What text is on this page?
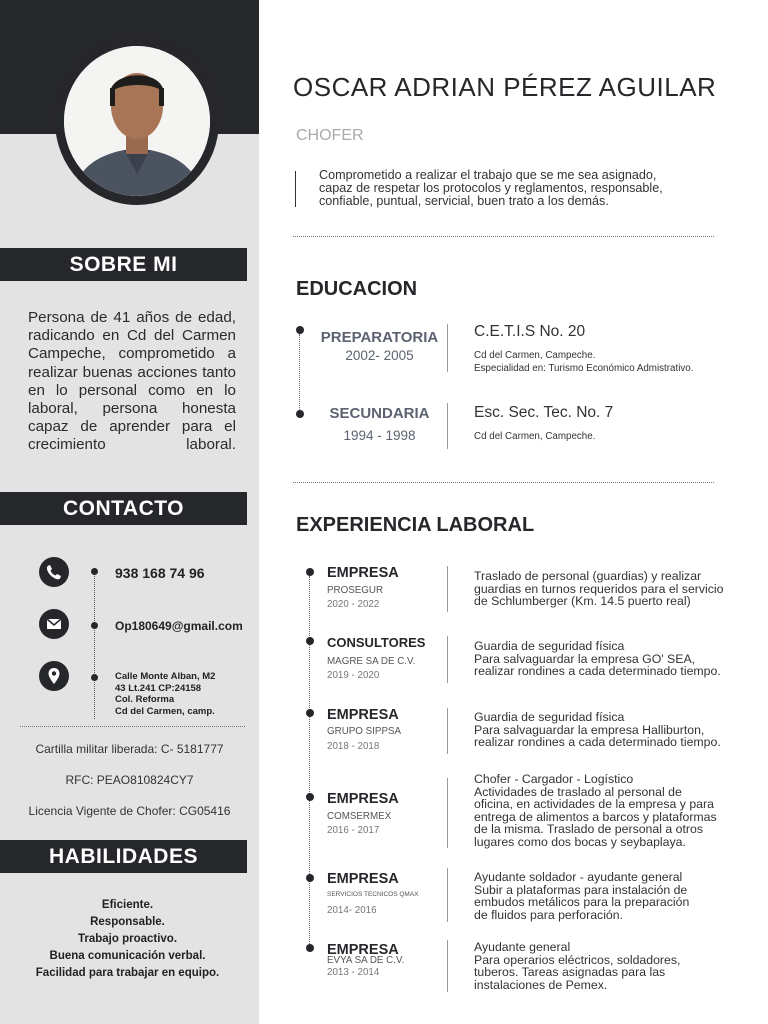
SOBRE MI
Persona de 41 años de edad, radicando en Cd del Carmen Campeche, comprometido a realizar buenas acciones tanto en lo personal como en lo laboral, persona honesta capaz de aprender para el crecimiento laboral.
CONTACTO
938 168 74 96
Op180649@gmail.com
Calle Monte Alban, M2
43 Lt.241 CP:24158
Col. Reforma
Cd del Carmen, camp.
Cartilla militar liberada: C- 5181777
RFC: PEAO810824CY7
Licencia Vigente de Chofer: CG05416
HABILIDADES
Eficiente.
Responsable.
Trabajo proactivo.
Buena comunicación verbal.
Facilidad para trabajar en equipo.
OSCAR ADRIAN PÉREZ AGUILAR
CHOFER
Comprometido a realizar el trabajo que se me sea asignado,
capaz de respetar los protocolos y reglamentos, responsable,
confiable, puntual, servicial, buen trato a los demás.
EDUCACION
PREPARATORIA
2002- 2005
C.E.T.I.S No. 20
Cd del Carmen, Campeche.
Especialidad en: Turismo Económico Admistrativo.
SECUNDARIA
1994 - 1998
Esc. Sec. Tec. No. 7
Cd del Carmen, Campeche.
EXPERIENCIA LABORAL
EMPRESA
PROSEGUR
2020 - 2022
Traslado de personal (guardias) y realizar
guardias en turnos requeridos para el servicio
de Schlumberger (Km. 14.5 puerto real)
CONSULTORES
MAGRE SA DE C.V.
2019 - 2020
Guardia de seguridad física
Para salvaguardar la empresa GO' SEA,
realizar rondines a cada determinado tiempo.
EMPRESA
GRUPO SIPPSA
2018 - 2018
Guardia de seguridad física
Para salvaguardar la empresa Halliburton,
realizar rondines a cada determinado tiempo.
EMPRESA
COMSERMEX
2016 - 2017
Chofer - Cargador - Logístico
Actividades de traslado al personal de
oficina, en actividades de la empresa y para
entrega de alimentos a barcos y plataformas
de la misma. Traslado de personal a otros
lugares como dos bocas y seybaplaya.
EMPRESA
SERVICIOS TECNICOS QMAX
2014- 2016
Ayudante soldador - ayudante general
Subir a plataformas para instalación de
embudos metálicos para la preparación
de fluidos para perforación.
EMPRESA
EVYA SA DE C.V.
2013 - 2014
Ayudante general
Para operarios eléctricos, soldadores,
tuberos. Tareas asignadas para las
instalaciones de Pemex.
